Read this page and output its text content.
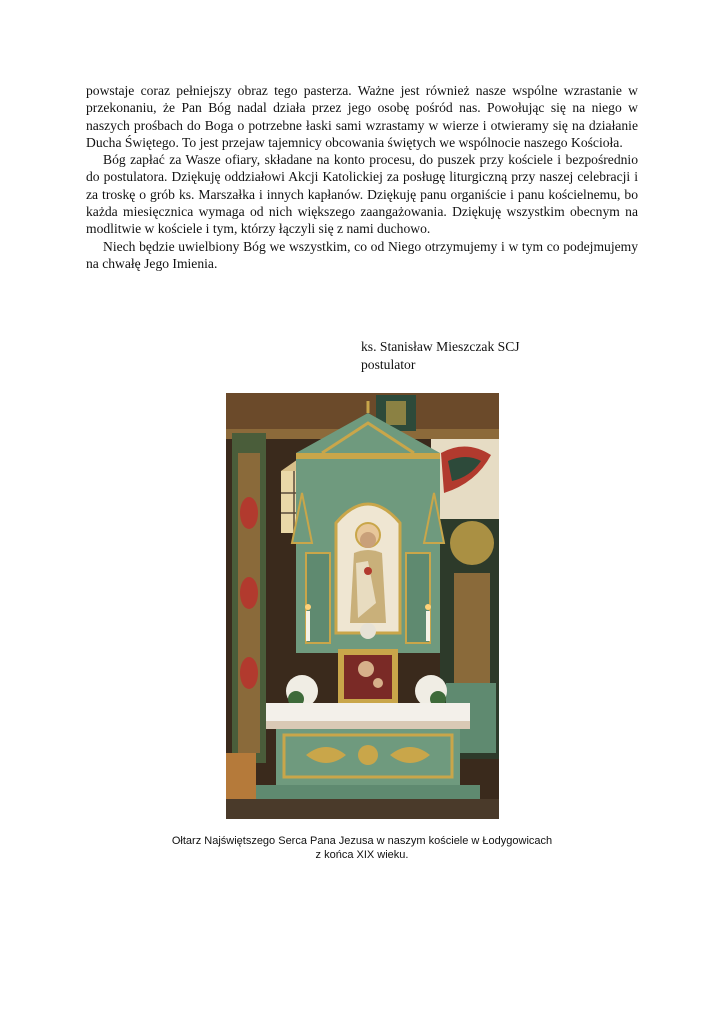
powstaje coraz pełniejszy obraz tego pasterza. Ważne jest również nasze wspólne wzrastanie w przekonaniu, że Pan Bóg nadal działa przez jego osobę pośród nas. Powołując się na niego w naszych prośbach do Boga o potrzebne łaski sami wzrastamy w wierze i otwieramy się na działanie Ducha Świętego. To jest przejaw tajemnicy obcowania świętych we wspólnocie naszego Kościoła.

Bóg zapłać za Wasze ofiary, składane na konto procesu, do puszek przy kościele i bezpośrednio do postulatora. Dziękuję oddziałowi Akcji Katolickiej za posługę liturgiczną przy naszej celebracji i za troskę o grób ks. Marszałka i innych kapłanów. Dziękuję panu organiście i panu kościelnemu, bo każda miesięcznica wymaga od nich większego zaangażowania. Dziękuję wszystkim obecnym na modlitwie w kościele i tym, którzy łączyli się z nami duchowo.

Niech będzie uwielbiony Bóg we wszystkim, co od Niego otrzymujemy i w tym co podejmujemy na chwałę Jego Imienia.

ks. Stanisław Mieszczak SCJ
postulator
Ołtarz Najświętszego Serca Pana Jezusa w naszym kościele w Łodygowicach
z końca XIX wieku.
